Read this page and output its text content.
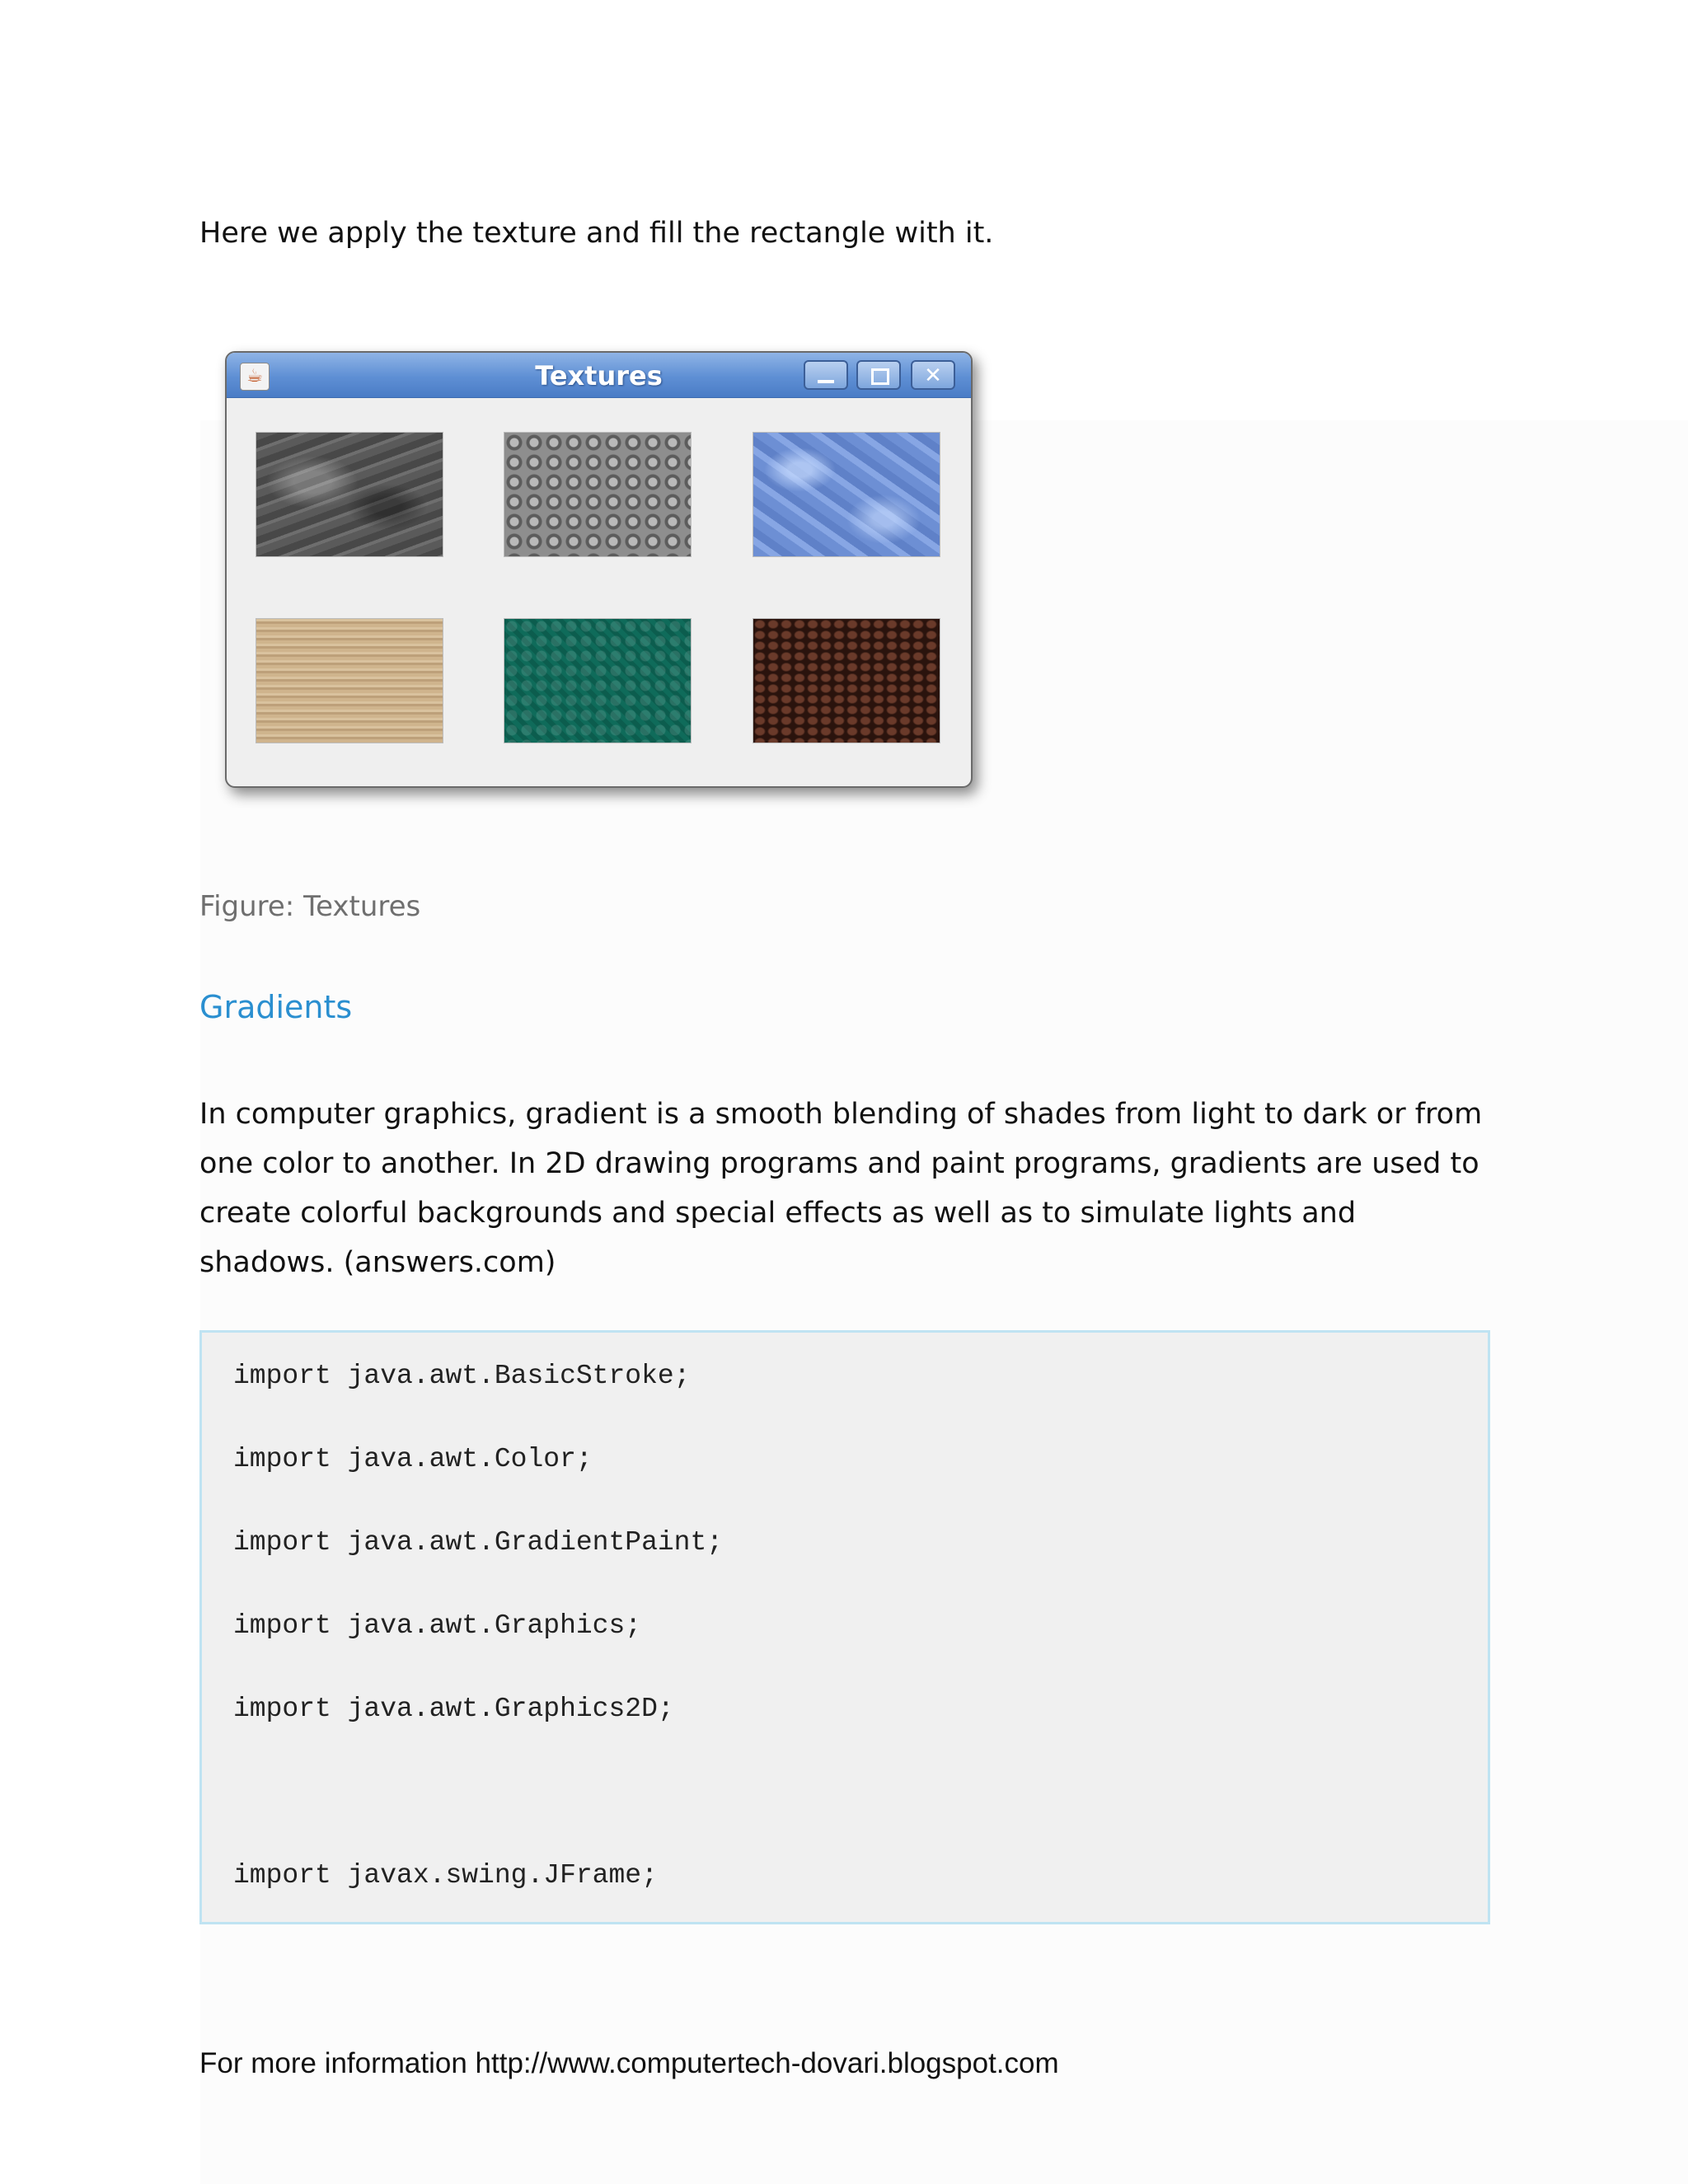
Here we apply the texture and fill the rectangle with it.

☕	Textures	✕

Figure: Textures

Gradients

In computer graphics, gradient is a smooth blending of shades from light to dark or from one color to another. In 2D drawing programs and paint programs, gradients are used to create colorful backgrounds and special effects as well as to simulate lights and shadows. (answers.com)

import java.awt.BasicStroke;
import java.awt.Color;
import java.awt.GradientPaint;
import java.awt.Graphics;
import java.awt.Graphics2D;
import javax.swing.JFrame;

For more information http://www.computertech-dovari.blogspot.com
